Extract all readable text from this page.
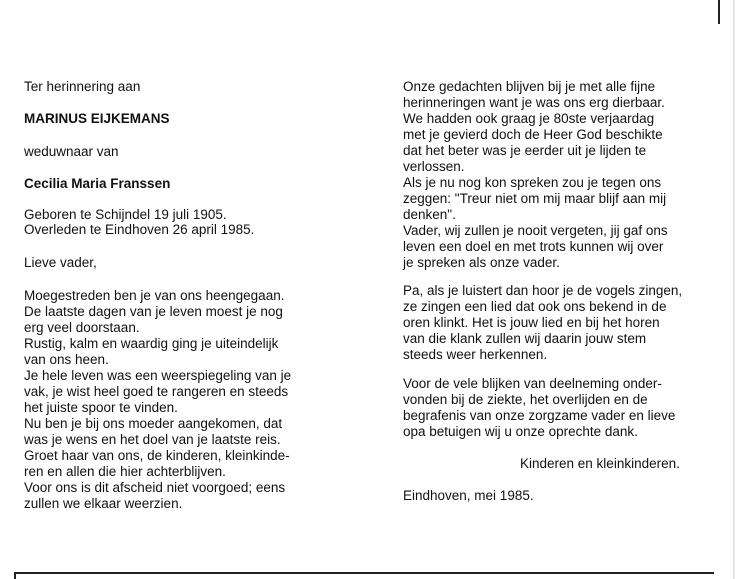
Ter herinnering aan
MARINUS EIJKEMANS
weduwnaar van
Cecilia Maria Franssen
Geboren te Schijndel 19 juli 1905.
Overleden te Eindhoven 26 april 1985.
Lieve vader,
Moegestreden ben je van ons heengegaan.
De laatste dagen van je leven moest je nog
erg veel doorstaan.
Rustig, kalm en waardig ging je uiteindelijk
van ons heen.
Je hele leven was een weerspiegeling van je
vak, je wist heel goed te rangeren en steeds
het juiste spoor te vinden.
Nu ben je bij ons moeder aangekomen, dat
was je wens en het doel van je laatste reis.
Groet haar van ons, de kinderen, kleinkinde-
ren en allen die hier achterblijven.
Voor ons is dit afscheid niet voorgoed; eens
zullen we elkaar weerzien.
Onze gedachten blijven bij je met alle fijne
herinneringen want je was ons erg dierbaar.
We hadden ook graag je 80ste verjaardag
met je gevierd doch de Heer God beschikte
dat het beter was je eerder uit je lijden te
verlossen.
Als je nu nog kon spreken zou je tegen ons
zeggen: "Treur niet om mij maar blijf aan mij
denken".
Vader, wij zullen je nooit vergeten, jij gaf ons
leven een doel en met trots kunnen wij over
je spreken als onze vader.
Pa, als je luistert dan hoor je de vogels zingen,
ze zingen een lied dat ook ons bekend in de
oren klinkt. Het is jouw lied en bij het horen
van die klank zullen wij daarin jouw stem
steeds weer herkennen.
Voor de vele blijken van deelneming onder-
vonden bij de ziekte, het overlijden en de
begrafenis van onze zorgzame vader en lieve
opa betuigen wij u onze oprechte dank.
Kinderen en kleinkinderen.
Eindhoven, mei 1985.
